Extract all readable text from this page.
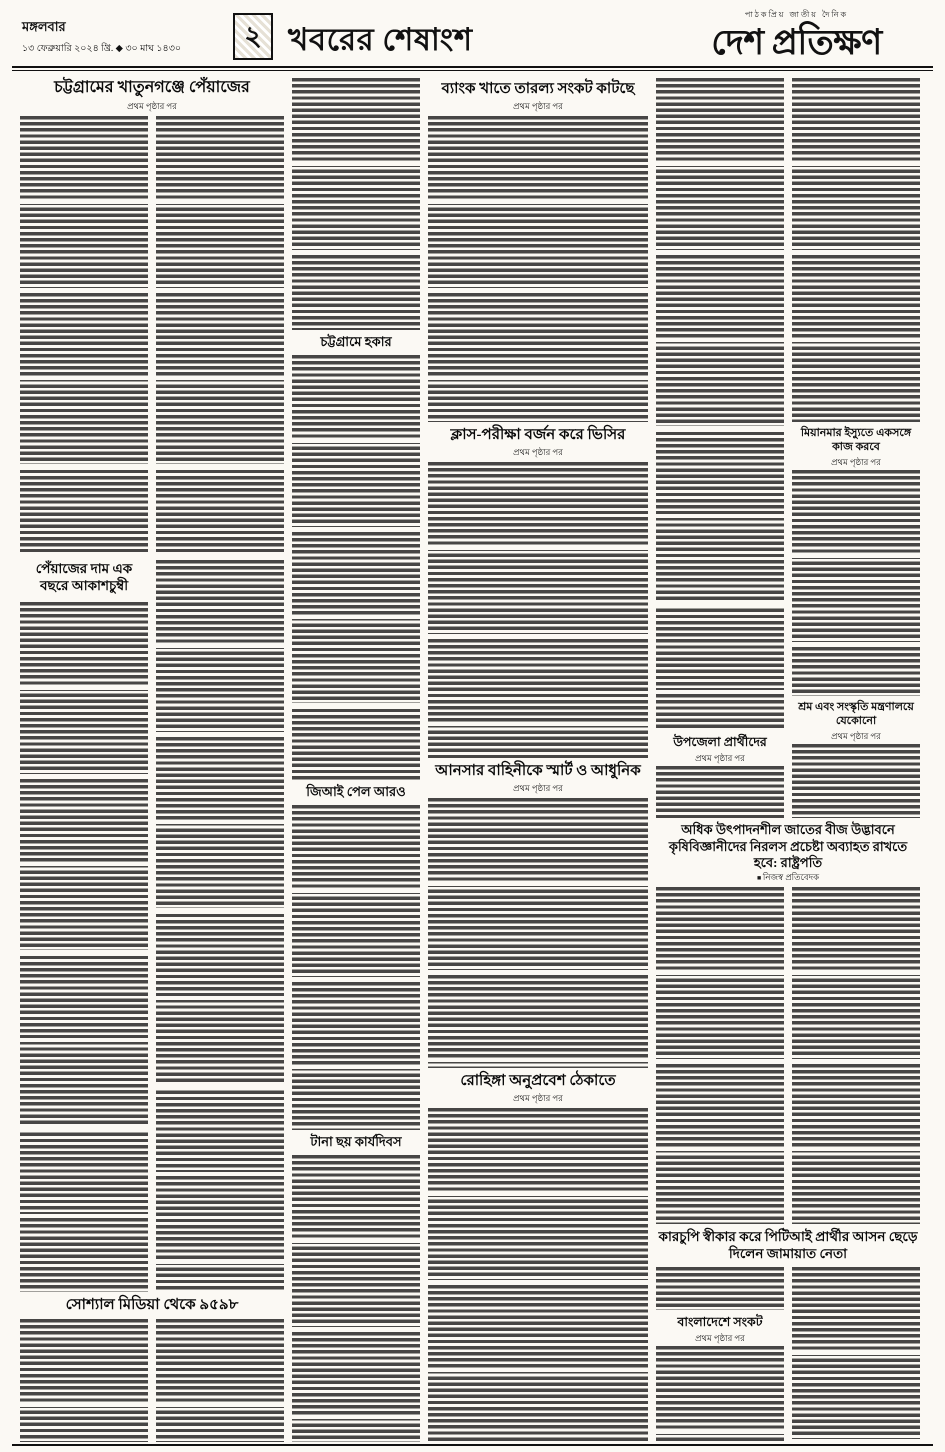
মঙ্গলবার
১৩ ফেব্রুয়ারি ২০২৪ খ্রি. ◆ ৩০ মাঘ ১৪৩০	২ খবরের শেষাংশ
পাঠকপ্রিয় জাতীয় দৈনিক
দেশ প্রতিক্ষণ
চট্টগ্রামের খাতুনগঞ্জে পেঁয়াজের
প্রথম পৃষ্ঠার পর
পেঁয়াজের দাম এক বছরে আকাশচুম্বী
সোশ্যাল মিডিয়া থেকে ৯৫৯৮
চট্টগ্রামে হকার
জিআই পেল আরও
টানা ছয় কার্যদিবস
ব্যাংক খাতে তারল্য সংকট কাটছে
প্রথম পৃষ্ঠার পর
ক্লাস-পরীক্ষা বর্জন করে ভিসির
প্রথম পৃষ্ঠার পর
আনসার বাহিনীকে স্মার্ট ও আধুনিক
প্রথম পৃষ্ঠার পর
রোহিঙ্গা অনুপ্রবেশ ঠেকাতে
প্রথম পৃষ্ঠার পর
উপজেলা প্রার্থীদের
প্রথম পৃষ্ঠার পর
অধিক উৎপাদনশীল জাতের বীজ উদ্ভাবনে কৃষিবিজ্ঞানীদের নিরলস প্রচেষ্টা অব্যাহত রাখতে হবে: রাষ্ট্রপতি
■ নিজস্ব প্রতিবেদক
কারচুপি স্বীকার করে পিটিআই প্রার্থীর আসন ছেড়ে দিলেন জামায়াত নেতা
বাংলাদেশে সংকট
প্রথম পৃষ্ঠার পর
মিয়ানমার ইস্যুতে একসঙ্গে কাজ করবে
প্রথম পৃষ্ঠার পর
শ্রম এবং সংস্কৃতি মন্ত্রণালয়ে যেকোনো
প্রথম পৃষ্ঠার পর
